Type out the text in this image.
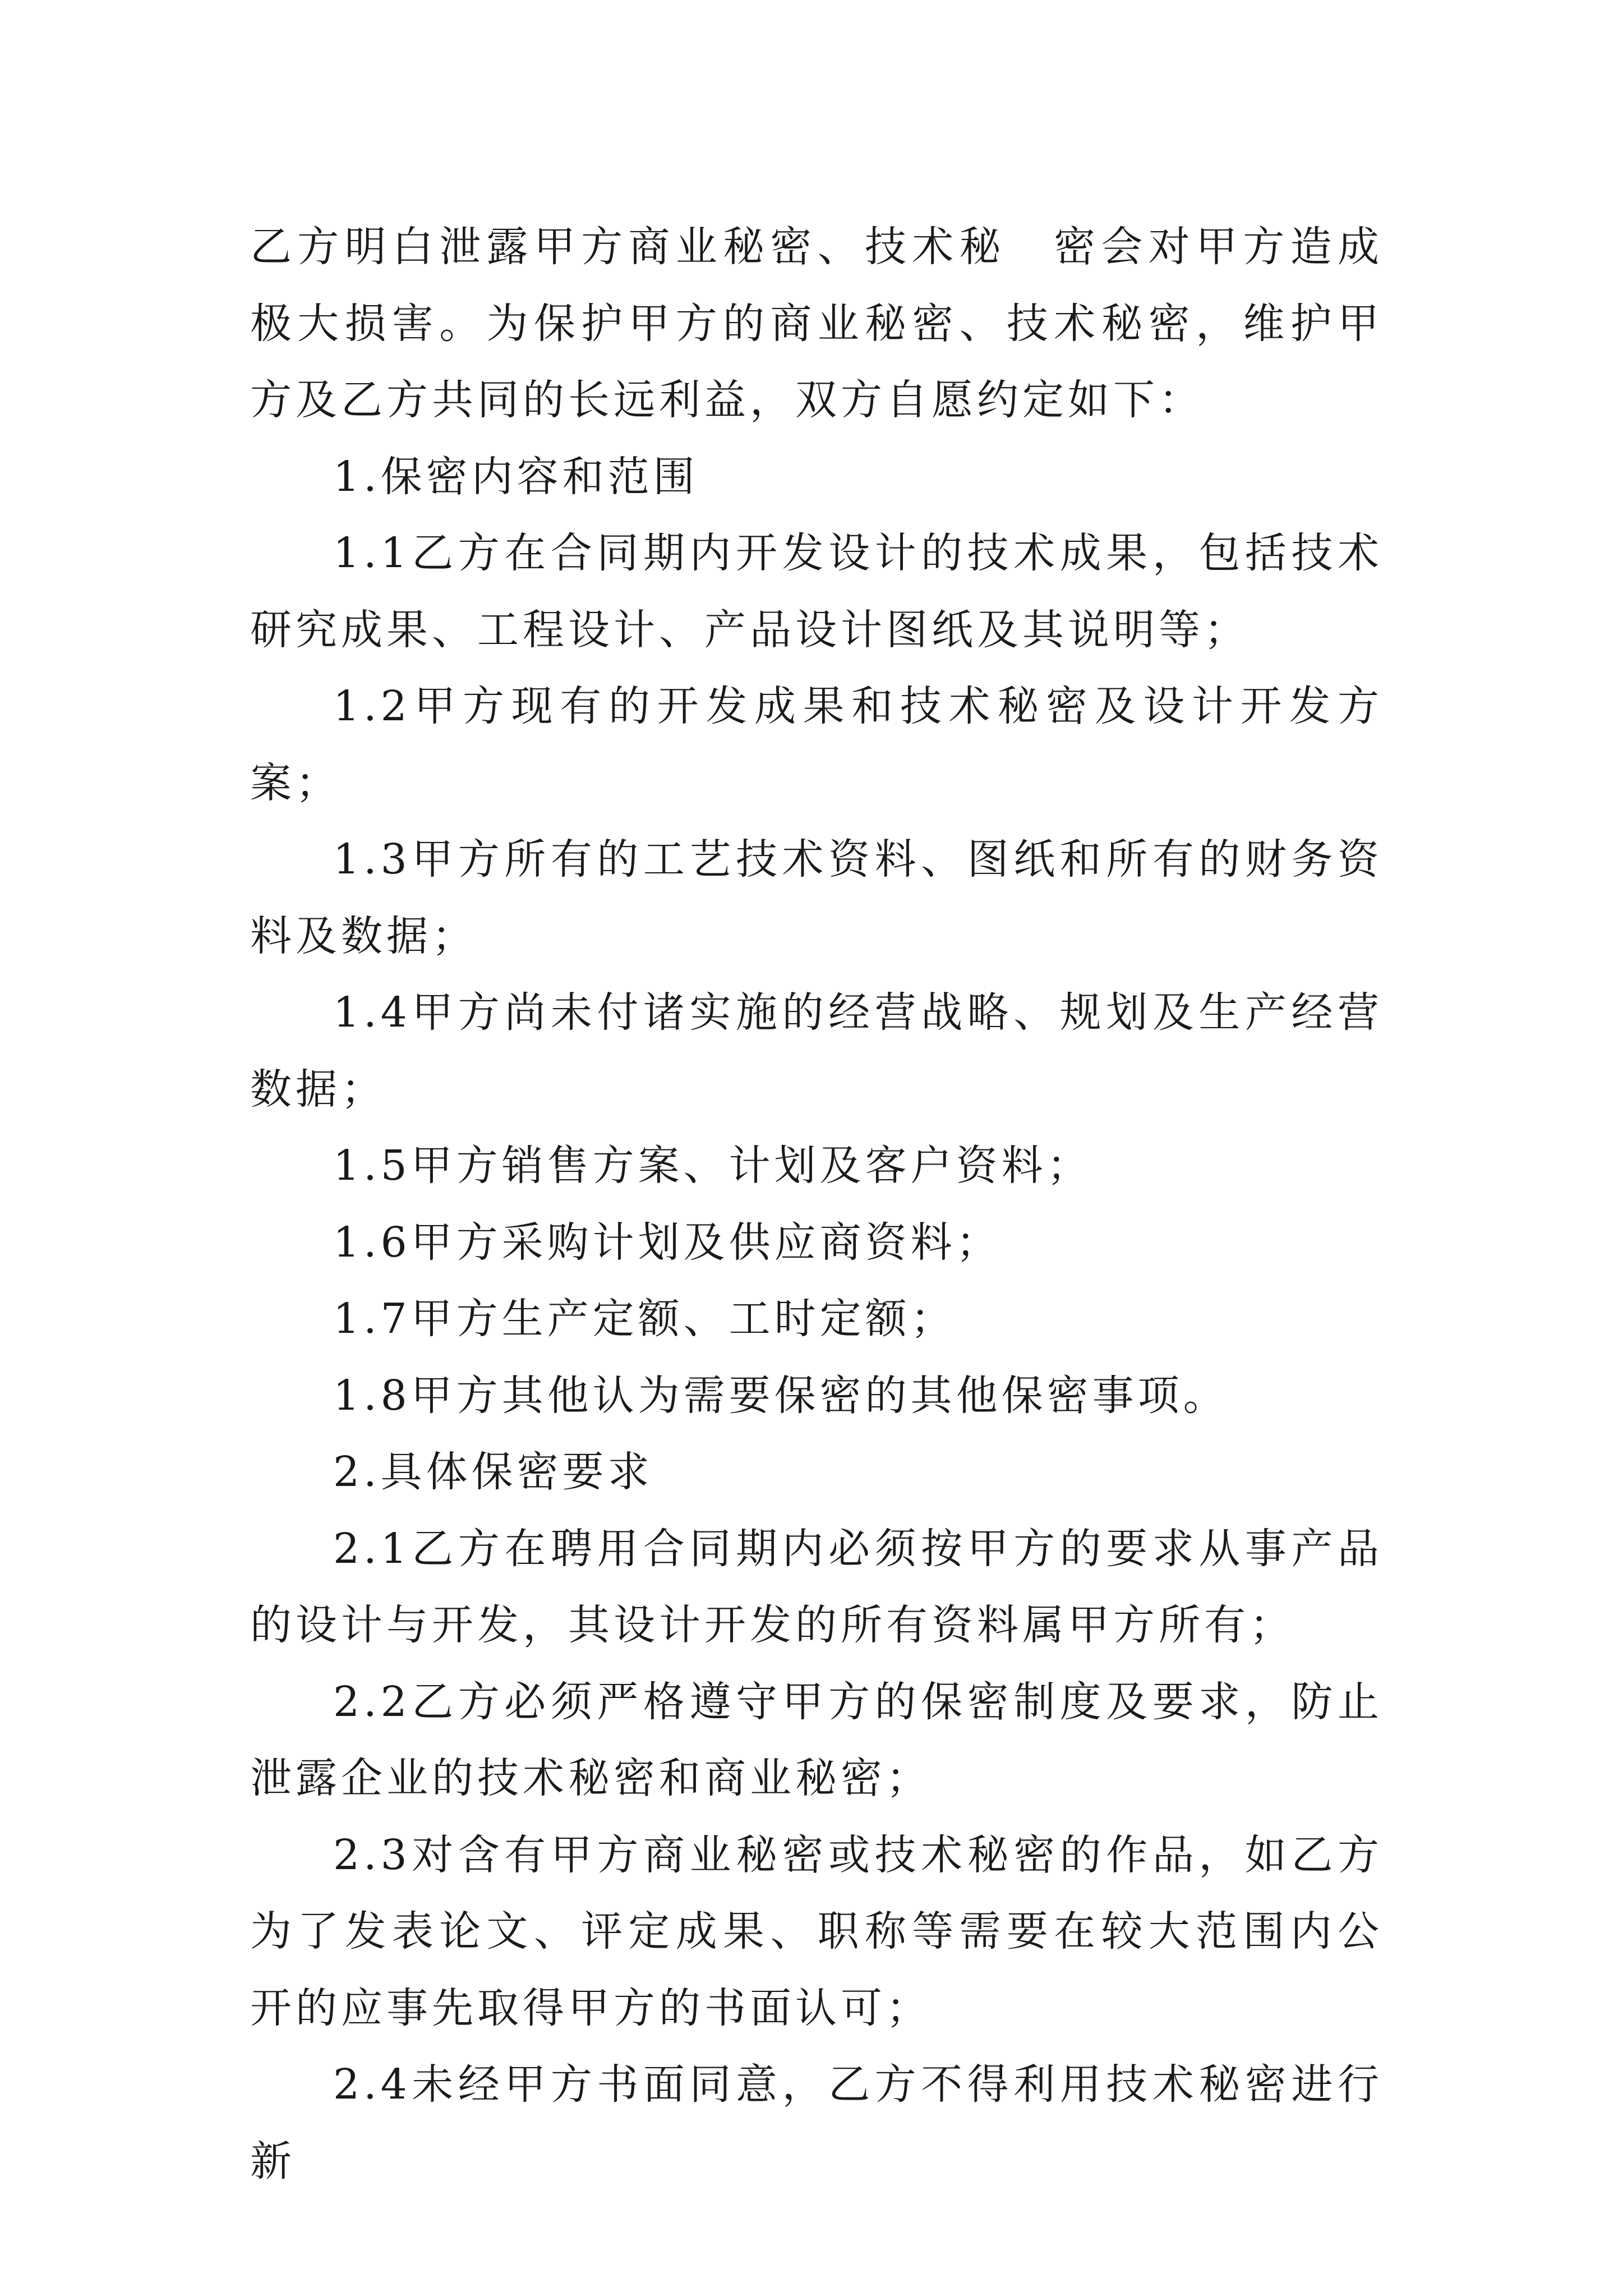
乙方明白泄露甲方商业秘密、技术秘　密会对甲方造成极大损害。为保护甲方的商业秘密、技术秘密，维护甲方及乙方共同的长远利益，双方自愿约定如下：

1.保密内容和范围

1.1乙方在合同期内开发设计的技术成果，包括技术研究成果、工程设计、产品设计图纸及其说明等；

1.2甲方现有的开发成果和技术秘密及设计开发方案；

1.3甲方所有的工艺技术资料、图纸和所有的财务资料及数据；

1.4甲方尚未付诸实施的经营战略、规划及生产经营数据；

1.5甲方销售方案、计划及客户资料；

1.6甲方采购计划及供应商资料；

1.7甲方生产定额、工时定额；

1.8甲方其他认为需要保密的其他保密事项。

2.具体保密要求

2.1乙方在聘用合同期内必须按甲方的要求从事产品的设计与开发，其设计开发的所有资料属甲方所有；

2.2乙方必须严格遵守甲方的保密制度及要求，防止泄露企业的技术秘密和商业秘密；

2.3对含有甲方商业秘密或技术秘密的作品，如乙方为了发表论文、评定成果、职称等需要在较大范围内公开的应事先取得甲方的书面认可；

2.4未经甲方书面同意，乙方不得利用技术秘密进行新
